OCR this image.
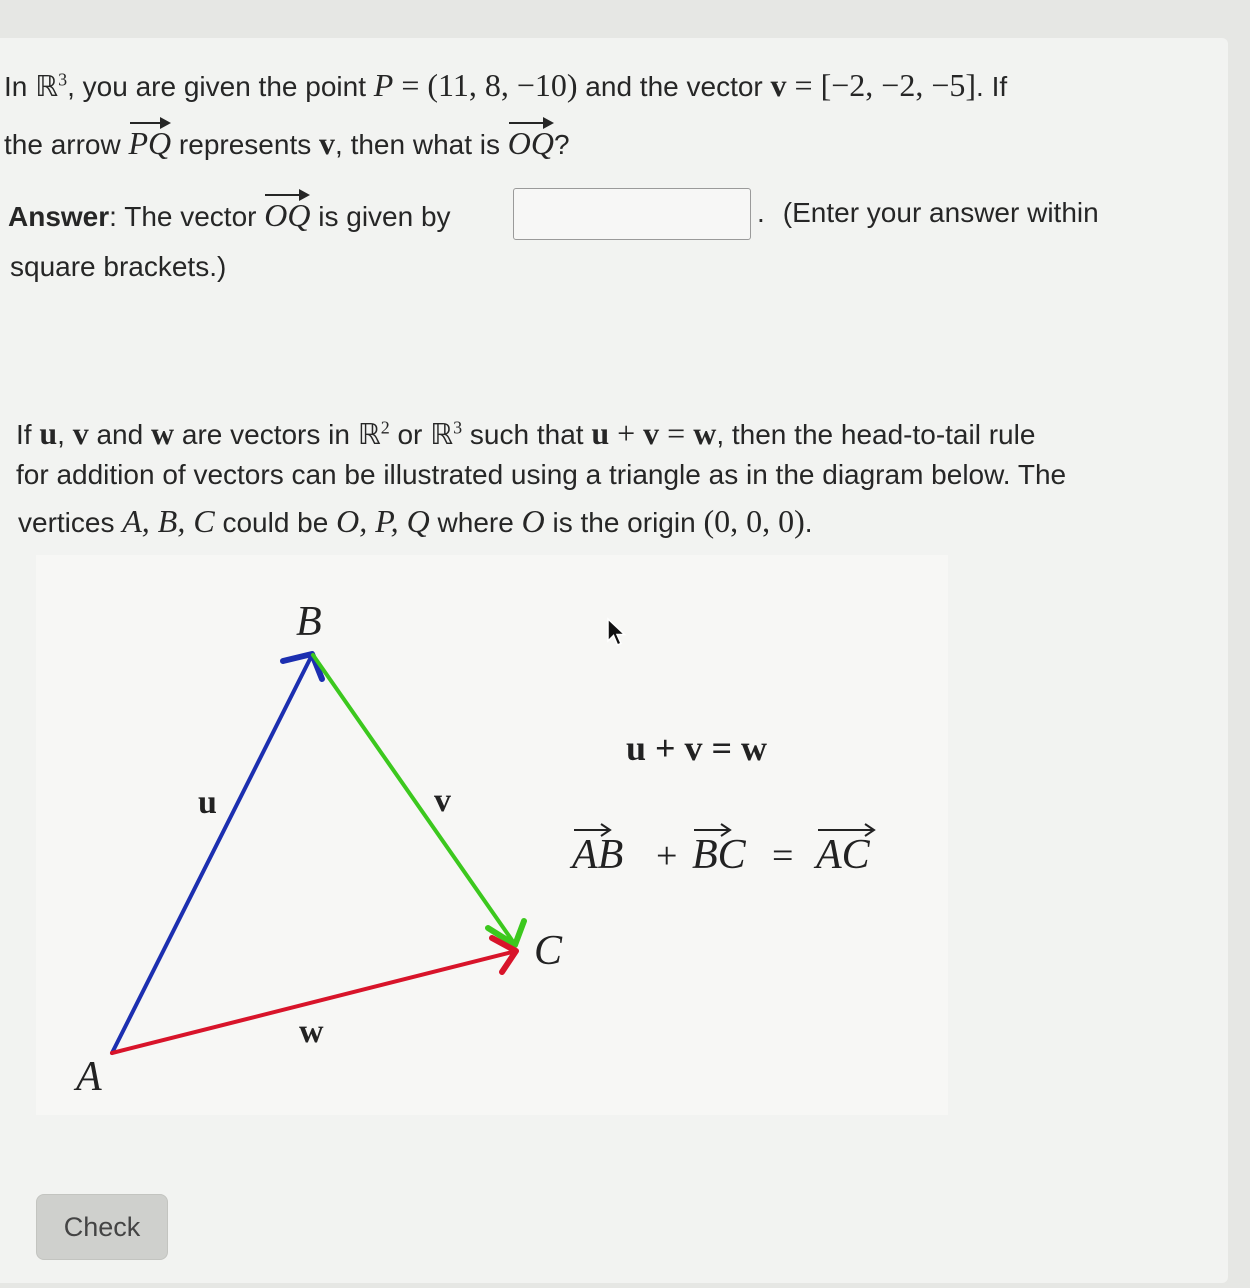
In ℝ$^3$, you are given the point P = (11, 8, −10) and the vector v = [−2, −2, −5]. If
the arrow PQ represents v, then what is OQ?
Answer: The vector OQ is given by	. (Enter your answer within
square brackets.)
If u, v and w are vectors in ℝ$^2$ or ℝ$^3$ such that u + v = w, then the head-to-tail rule
for addition of vectors can be illustrated using a triangle as in the diagram below. The
vertices A, B, C could be O, P, Q where O is the origin (0, 0, 0).
B
A
C
u	v
w
u + v = w
AB + BC = AC
Check
